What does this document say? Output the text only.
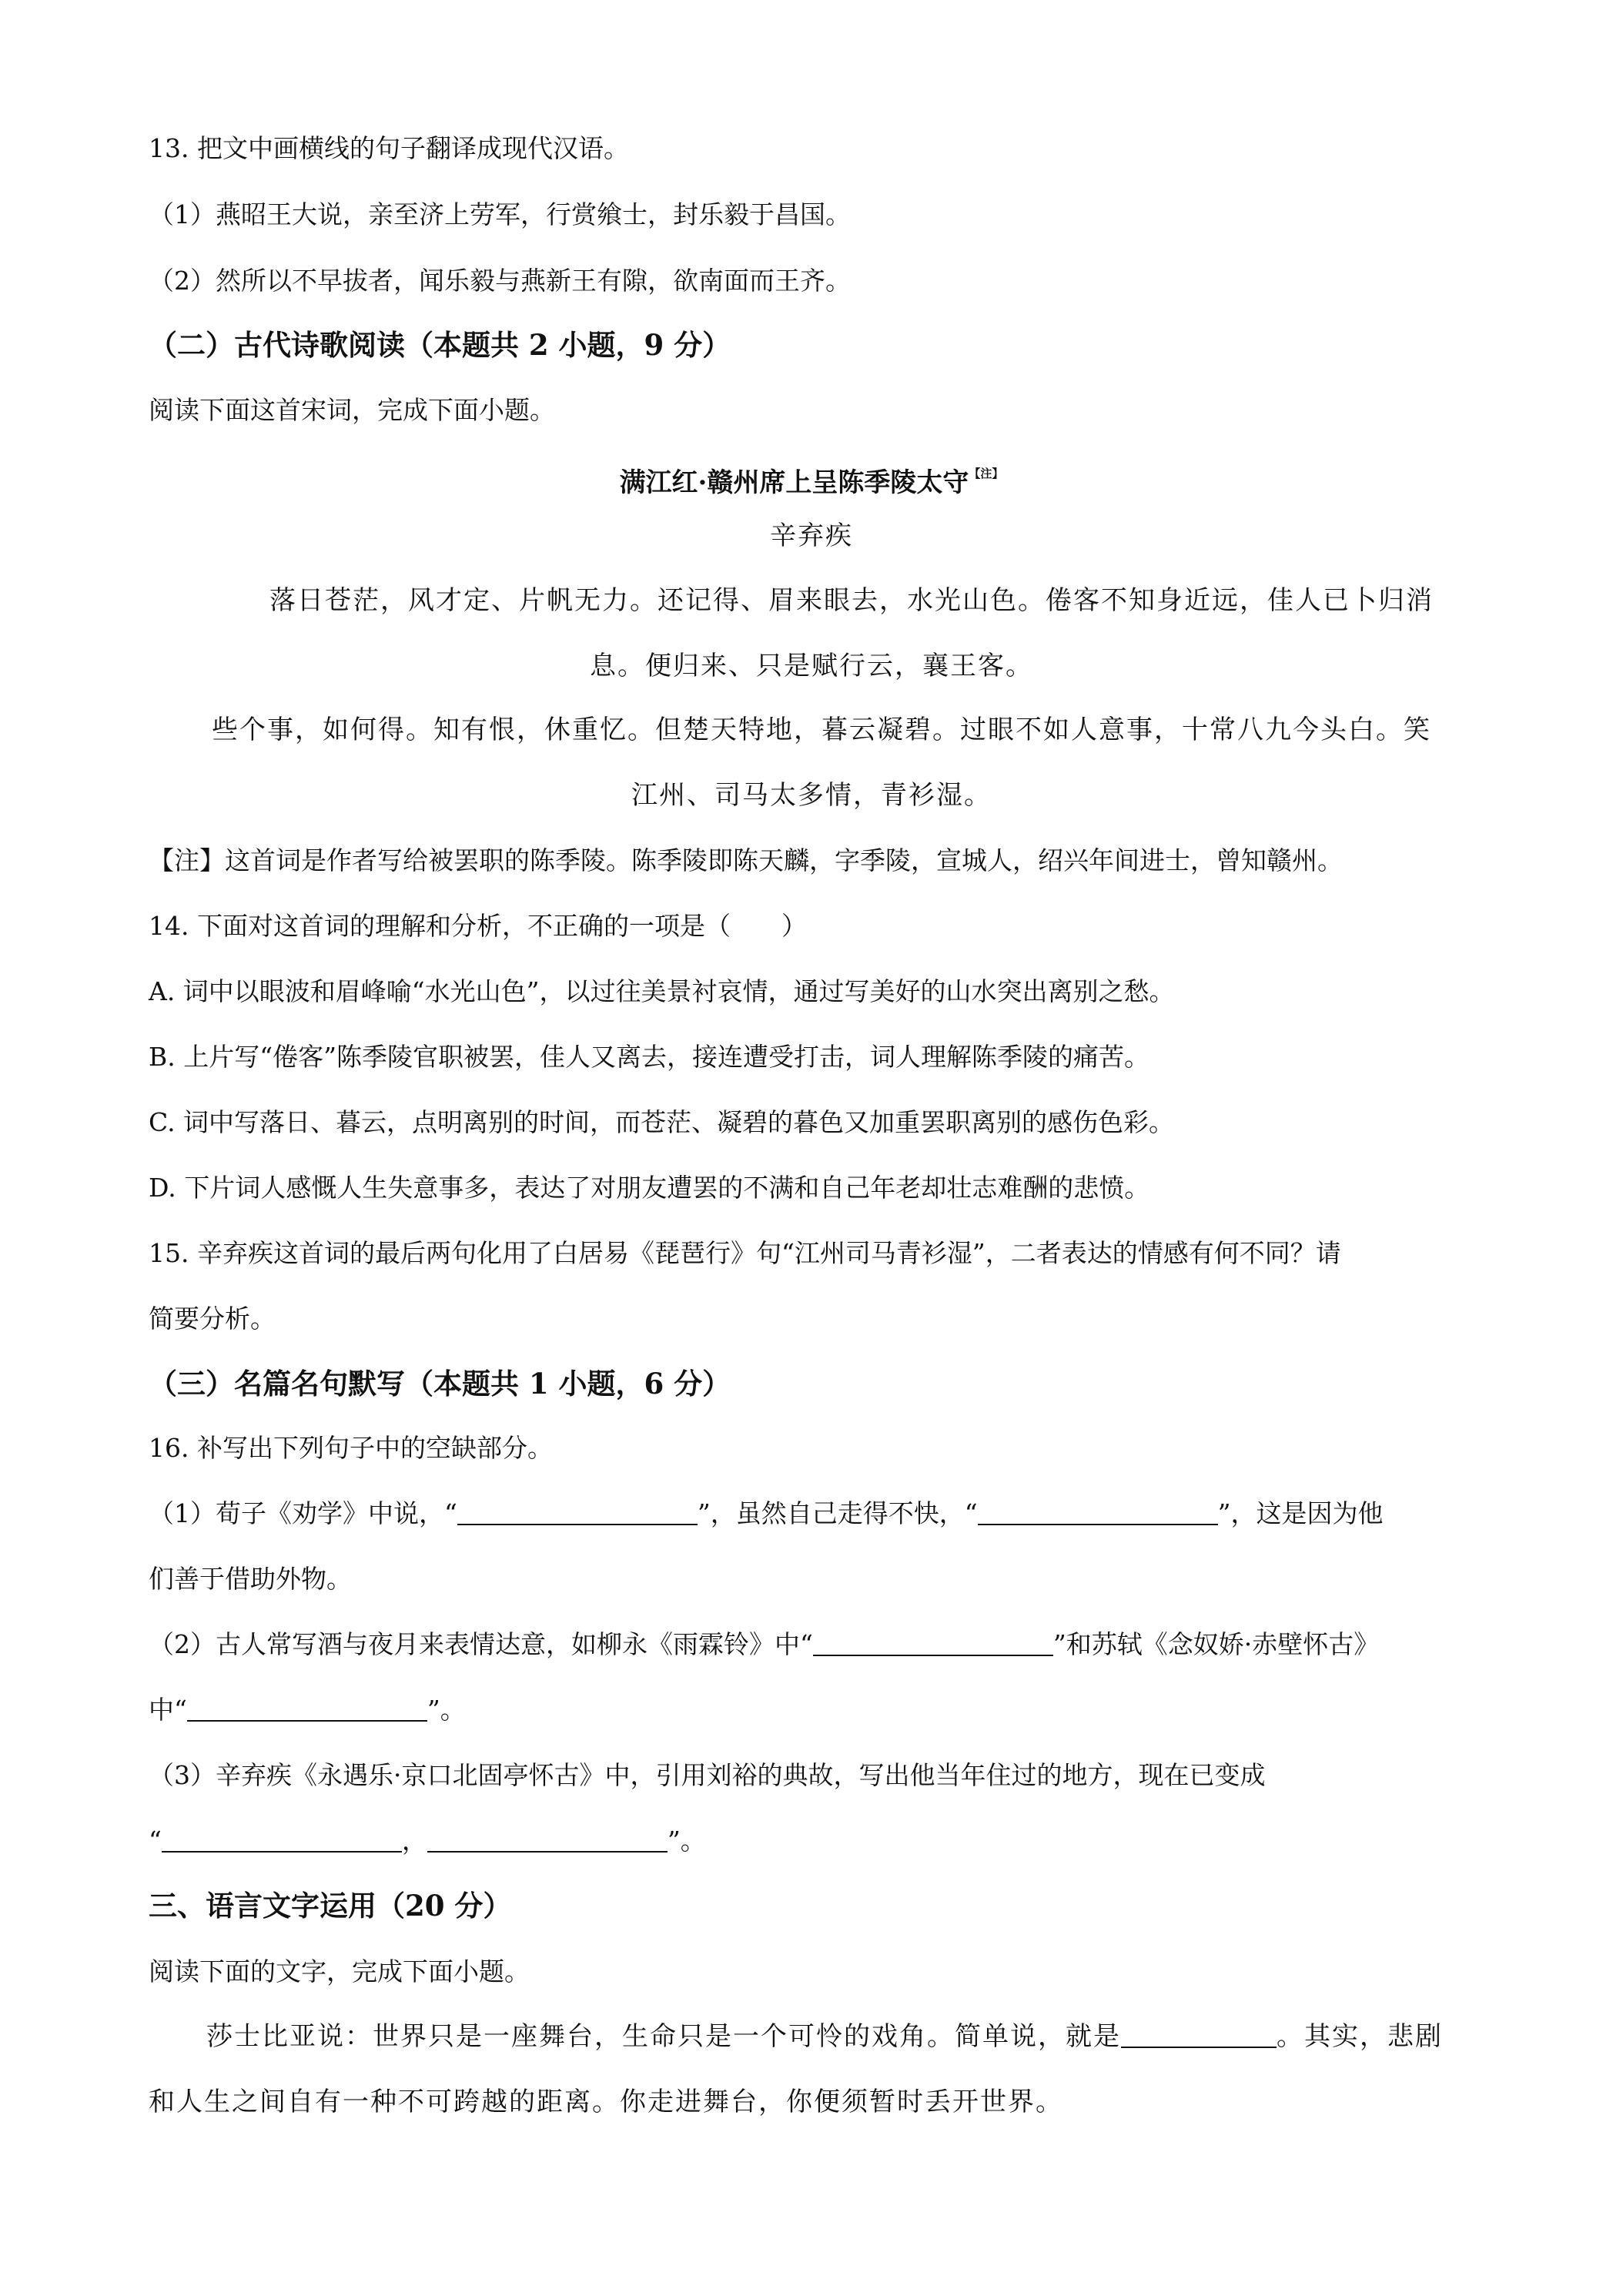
13. 把文中画横线的句子翻译成现代汉语。
（1）燕昭王大说，亲至济上劳军，行赏飨士，封乐毅于昌国。
（2）然所以不早拔者，闻乐毅与燕新王有隙，欲南面而王齐。
（二）古代诗歌阅读（本题共 2 小题，9 分）
阅读下面这首宋词，完成下面小题。
满江红·赣州席上呈陈季陵太守$^{【注】}$
辛弃疾
落日苍茫，风才定、片帆无力。还记得、眉来眼去，水光山色。倦客不知身近远，佳人已卜归消
息。便归来、只是赋行云，襄王客。
些个事，如何得。知有恨，休重忆。但楚天特地，暮云凝碧。过眼不如人意事，十常八九今头白。笑
江州、司马太多情，青衫湿。
【注】这首词是作者写给被罢职的陈季陵。陈季陵即陈天麟，字季陵，宣城人，绍兴年间进士，曾知赣州。
14. 下面对这首词的理解和分析，不正确的一项是（　　）
A. 词中以眼波和眉峰喻“水光山色”，以过往美景衬哀情，通过写美好的山水突出离别之愁。
B. 上片写“倦客”陈季陵官职被罢，佳人又离去，接连遭受打击，词人理解陈季陵的痛苦。
C. 词中写落日、暮云，点明离别的时间，而苍茫、凝碧的暮色又加重罢职离别的感伤色彩。
D. 下片词人感慨人生失意事多，表达了对朋友遭罢的不满和自己年老却壮志难酬的悲愤。
15. 辛弃疾这首词的最后两句化用了白居易《琵琶行》句“江州司马青衫湿”，二者表达的情感有何不同？请
简要分析。
（三）名篇名句默写（本题共 1 小题，6 分）
16. 补写出下列句子中的空缺部分。
（1）荀子《劝学》中说，“	”，虽然自己走得不快，“	”，这是因为他
们善于借助外物。
（2）古人常写酒与夜月来表情达意，如柳永《雨霖铃》中“	”和苏轼《念奴娇·赤壁怀古》
中“	”。
（3）辛弃疾《永遇乐·京口北固亭怀古》中，引用刘裕的典故，写出他当年住过的地方，现在已变成
“	，	”。
三、语言文字运用（20 分）
阅读下面的文字，完成下面小题。
莎士比亚说：世界只是一座舞台，生命只是一个可怜的戏角。简单说，就是	。其实，悲剧
和人生之间自有一种不可跨越的距离。你走进舞台，你便须暂时丢开世界。
